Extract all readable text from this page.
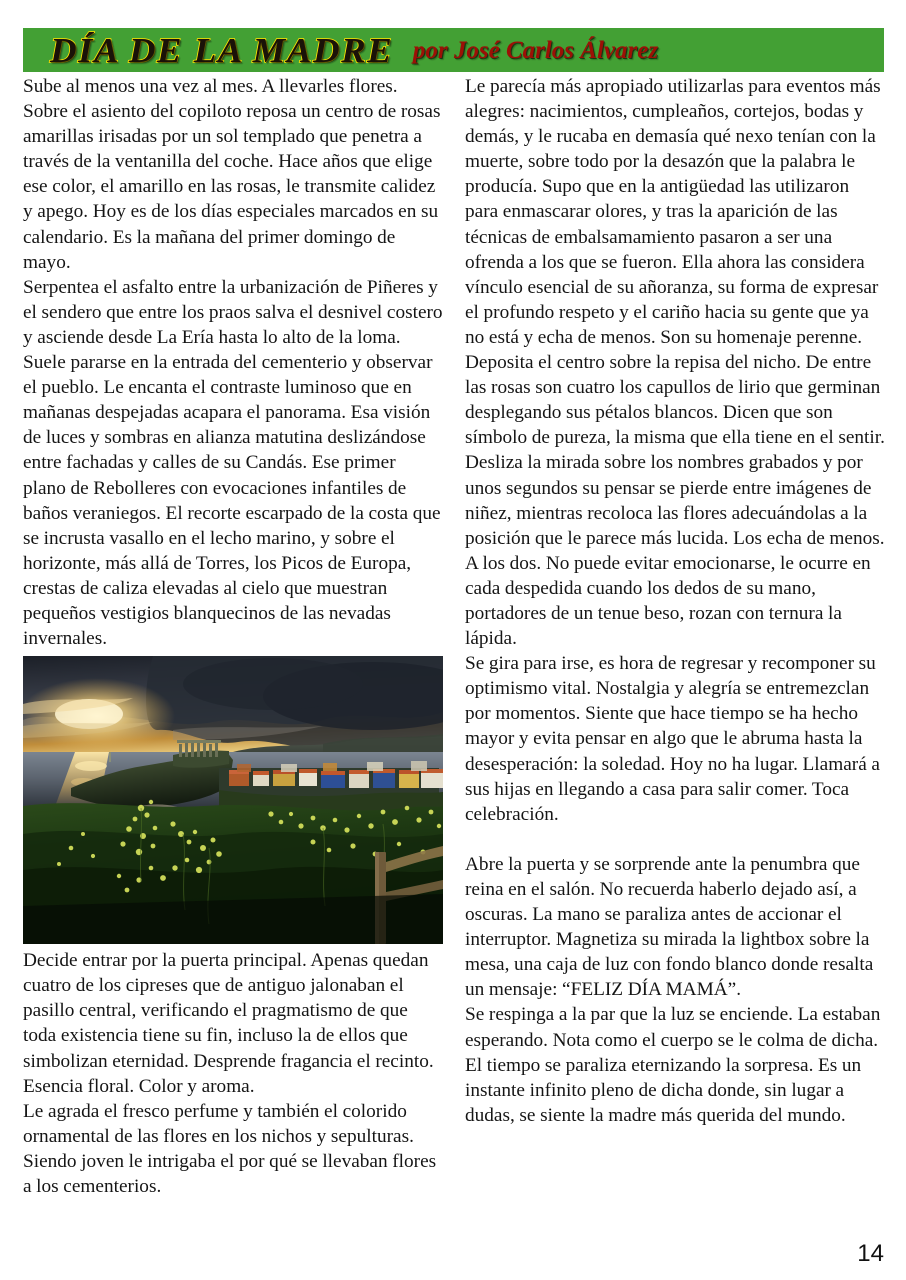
DÍA DE LA MADRE por José Carlos Álvarez

Sube al menos una vez al mes. A llevarles flores. Sobre el asiento del copiloto reposa un centro de rosas amarillas irisadas por un sol templado que penetra a través de la ventanilla del coche. Hace años que elige ese color, el amarillo en las rosas, le transmite calidez y apego. Hoy es de los días especiales marcados en su calendario. Es la mañana del primer domingo de mayo.

Serpentea el asfalto entre la urbanización de Piñeres y el sendero que entre los praos salva el desnivel costero y asciende desde La Ería hasta lo alto de la loma. Suele pararse en la entrada del cementerio y observar el pueblo. Le encanta el contraste luminoso que en mañanas despejadas acapara el panorama. Esa visión de luces y sombras en alianza matutina deslizándose entre fachadas y calles de su Candás. Ese primer plano de Rebolleres con evocaciones infantiles de baños veraniegos. El recorte escarpado de la costa que se incrusta vasallo en el lecho marino, y sobre el horizonte, más allá de Torres, los Picos de Europa, crestas de caliza elevadas al cielo que muestran pequeños vestigios blanquecinos de las nevadas invernales.

Decide entrar por la puerta principal. Apenas quedan cuatro de los cipreses que de antiguo jalonaban el pasillo central, verificando el pragmatismo de que toda existencia tiene su fin, incluso la de ellos que simbolizan eternidad. Desprende fragancia el recinto. Esencia floral. Color y aroma.

Le agrada el fresco perfume y también el colorido ornamental de las flores en los nichos y sepulturas. Siendo joven le intrigaba el por qué se llevaban flores a los cementerios.

Le parecía más apropiado utilizarlas para eventos más alegres: nacimientos, cumpleaños, cortejos, bodas y demás, y le rucaba en demasía qué nexo tenían con la muerte, sobre todo por la desazón que la palabra le producía. Supo que en la antigüedad las utilizaron para enmascarar olores, y tras la aparición de las técnicas de embalsamamiento pasaron a ser una ofrenda a los que se fueron. Ella ahora las considera vínculo esencial de su añoranza, su forma de expresar el profundo respeto y el cariño hacia su gente que ya no está y echa de menos. Son su homenaje perenne.

Deposita el centro sobre la repisa del nicho. De entre las rosas son cuatro los capullos de lirio que germinan desplegando sus pétalos blancos. Dicen que son símbolo de pureza, la misma que ella tiene en el sentir. Desliza la mirada sobre los nombres grabados y por unos segundos su pensar se pierde entre imágenes de niñez, mientras recoloca las flores adecuándolas a la posición que le parece más lucida. Los echa de menos. A los dos. No puede evitar emocionarse, le ocurre en cada despedida cuando los dedos de su mano, portadores de un tenue beso, rozan con ternura la lápida.

Se gira para irse, es hora de regresar y recomponer su optimismo vital. Nostalgia y alegría se entremezclan por momentos. Siente que hace tiempo se ha hecho mayor y evita pensar en algo que le abruma hasta la desesperación: la soledad. Hoy no ha lugar. Llamará a sus hijas en llegando a casa para salir comer. Toca celebración.

Abre la puerta y se sorprende ante la penumbra que reina en el salón. No recuerda haberlo dejado así, a oscuras. La mano se paraliza antes de accionar el interruptor. Magnetiza su mirada la lightbox sobre la mesa, una caja de luz con fondo blanco donde resalta un mensaje: “FELIZ DÍA MAMÁ”.

Se respinga a la par que la luz se enciende. La estaban esperando. Nota como el cuerpo se le colma de dicha. El tiempo se paraliza eternizando la sorpresa. Es un instante infinito pleno de dicha donde, sin lugar a dudas, se siente la madre más querida del mundo.

14
